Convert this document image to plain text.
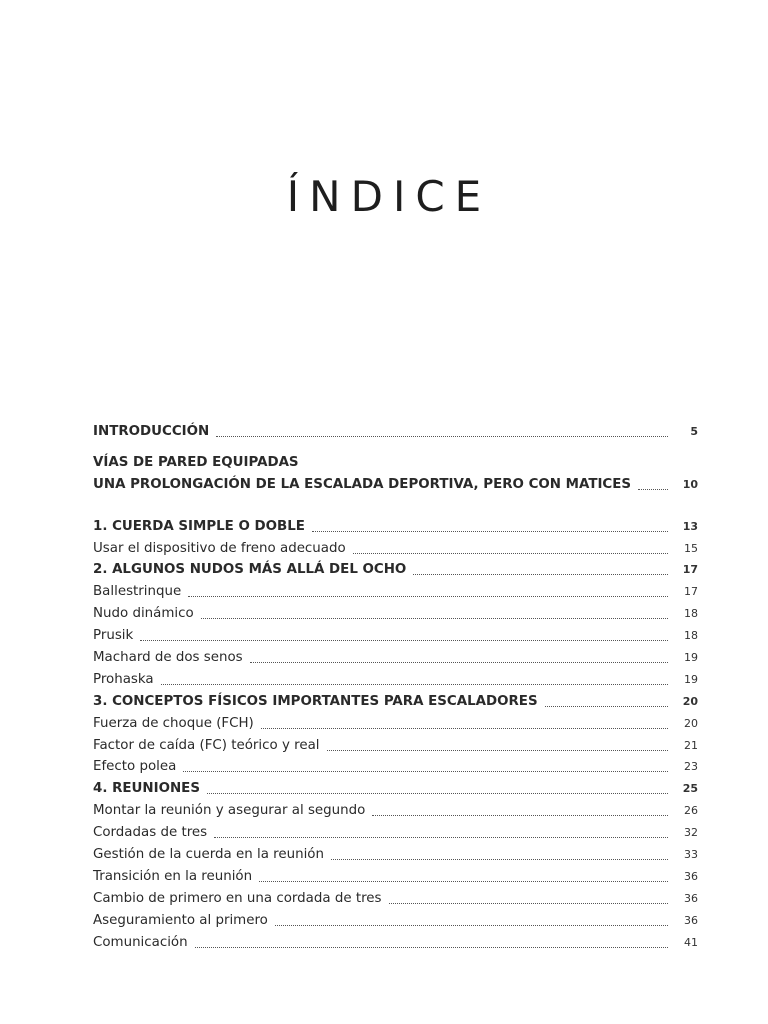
ÍNDICE
INTRODUCCIÓN	5
VÍAS DE PARED EQUIPADAS
UNA PROLONGACIÓN DE LA ESCALADA DEPORTIVA, PERO CON MATICES	10
1. CUERDA SIMPLE O DOBLE	13
Usar el dispositivo de freno adecuado	15
2. ALGUNOS NUDOS MÁS ALLÁ DEL OCHO	17
Ballestrinque	17
Nudo dinámico	18
Prusik	18
Machard de dos senos	19
Prohaska	19
3. CONCEPTOS FÍSICOS IMPORTANTES PARA ESCALADORES	20
Fuerza de choque (FCH)	20
Factor de caída (FC) teórico y real	21
Efecto polea	23
4. REUNIONES	25
Montar la reunión y asegurar al segundo	26
Cordadas de tres	32
Gestión de la cuerda en la reunión	33
Transición en la reunión	36
Cambio de primero en una cordada de tres	36
Aseguramiento al primero	36
Comunicación	41
